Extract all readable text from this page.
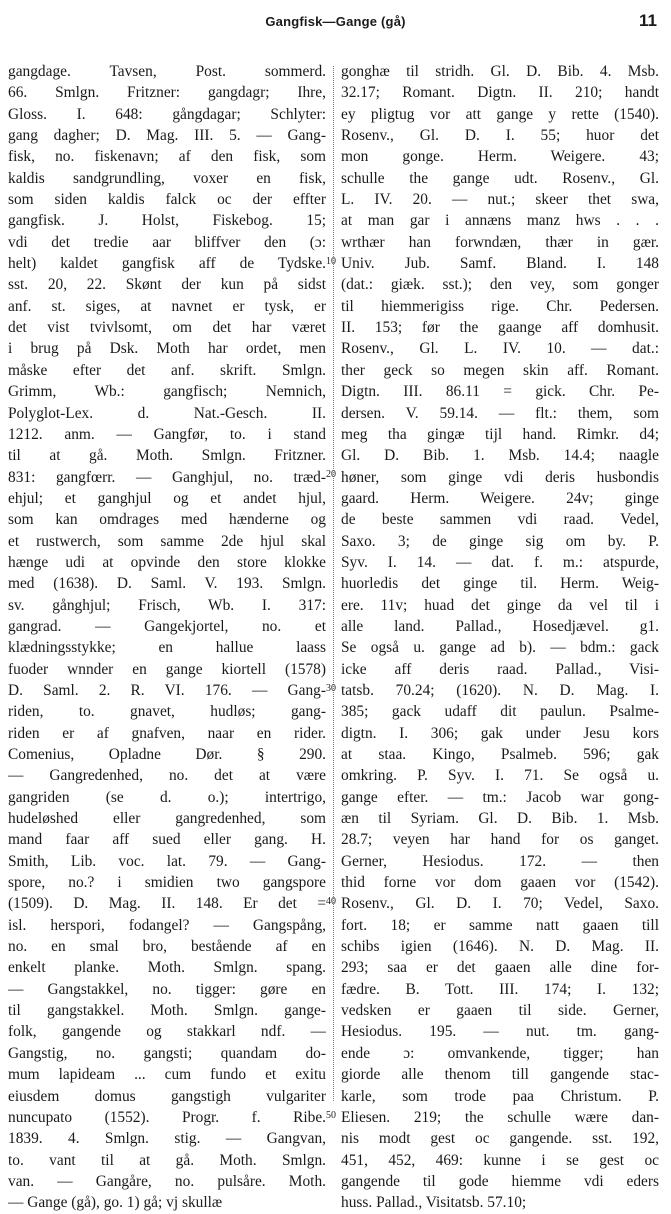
Gangfisk—Gange (gå)	11
gangdage. Tavsen, Post. sommerd.
66. Smlgn. Fritzner: gangdagr; Ihre,
Gloss. I. 648: gångdagar; Schlyter:
gang dagher; D. Mag. III. 5. — Gang-
fisk, no. fiskenavn; af den fisk, som
kaldis sandgrundling, voxer en fisk,
som siden kaldis falck oc der effter
gangfisk. J. Holst, Fiskebog. 15;
vdi det tredie aar bliffver den (ɔ:
helt) kaldet gangfisk aff de Tydske.
sst. 20, 22. Skønt der kun på sidst
anf. st. siges, at navnet er tysk, er
det vist tvivlsomt, om det har været
i brug på Dsk. Moth har ordet, men
måske efter det anf. skrift. Smlgn.
Grimm, Wb.: gangfisch; Nemnich,
Polyglot-Lex. d. Nat.-Gesch. II.
1212. anm. — Gangfør, to. i stand
til at gå. Moth. Smlgn. Fritzner.
831: gangfœrr. — Ganghjul, no. træd-
ehjul; et ganghjul og et andet hjul,
som kan omdrages med hænderne og
et rustwerch, som samme 2de hjul skal
hænge udi at opvinde den store klokke
med (1638). D. Saml. V. 193. Smlgn.
sv. gånghjul; Frisch, Wb. I. 317:
gangrad. — Gangekjortel, no. et
klædningsstykke; en hallue laass
fuoder wnnder en gange kiortell (1578)
D. Saml. 2. R. VI. 176. — Gang-
riden, to. gnavet, hudløs; gang-
riden er af gnafven, naar en rider.
Comenius, Opladne Dør. § 290.
— Gangredenhed, no. det at være
gangriden (se d. o.); intertrigo,
hudeløshed eller gangredenhed, som
mand faar aff sued eller gang. H.
Smith, Lib. voc. lat. 79. — Gang-
spore, no.? i smidien two gangspore
(1509). D. Mag. II. 148. Er det =
isl. herspori, fodangel? — Gangspång,
no. en smal bro, bestående af en
enkelt planke. Moth. Smlgn. spang.
— Gangstakkel, no. tigger: gøre en
til gangstakkel. Moth. Smlgn. gange-
folk, gangende og stakkarl ndf. —
Gangstig, no. gangsti; quandam do-
mum lapideam ... cum fundo et exitu
eiusdem domus gangstigh vulgariter
nuncupato (1552). Progr. f. Ribe.
1839. 4. Smlgn. stig. — Gangvan,
to. vant til at gå. Moth. Smlgn.
van. — Gangåre, no. pulsåre. Moth.
— Gange (gå), go. 1) gå; vj skullæ
gonghæ til stridh. Gl. D. Bib. 4. Msb.
32.17; Romant. Digtn. II. 210; handt
ey pligtug vor att gange y rette (1540).
Rosenv., Gl. D. I. 55; huor det
mon gonge. Herm. Weigere. 43;
schulle the gange udt. Rosenv., Gl.
L. IV. 20. — nut.; skeer thet swa,
at man gar i annæns manz hws . . .
wrthær han forwndæn, thær in gær.
Univ. Jub. Samf. Bland. I. 148
(dat.: giæk. sst.); den vey, som gonger
til hiemmerigiss rige. Chr. Pedersen.
II. 153; før the gaange aff domhusit.
Rosenv., Gl. L. IV. 10. — dat.:
ther geck so megen skin aff. Romant.
Digtn. III. 86.11 = gick. Chr. Pe-
dersen. V. 59.14. — flt.: them, som
meg tha gingæ tijl hand. Rimkr. d4;
Gl. D. Bib. 1. Msb. 14.4; naagle
høner, som ginge vdi deris husbondis
gaard. Herm. Weigere. 24v; ginge
de beste sammen vdi raad. Vedel,
Saxo. 3; de ginge sig om by. P.
Syv. I. 14. — dat. f. m.: atspurde,
huorledis det ginge til. Herm. Weig-
ere. 11v; huad det ginge da vel til i
alle land. Pallad., Hosedjævel. g1.
Se også u. gange ad b). — bdm.: gack
icke aff deris raad. Pallad., Visi-
tatsb. 70.24; (1620). N. D. Mag. I.
385; gack udaff dit paulun. Psalme-
digtn. I. 306; gak under Jesu kors
at staa. Kingo, Psalmeb. 596; gak
omkring. P. Syv. I. 71. Se også u.
gange efter. — tm.: Jacob war gong-
æn til Syriam. Gl. D. Bib. 1. Msb.
28.7; veyen har hand for os ganget.
Gerner, Hesiodus. 172. — then
thid forne vor dom gaaen vor (1542).
Rosenv., Gl. D. I. 70; Vedel, Saxo.
fort. 18; er samme natt gaaen till
schibs igien (1646). N. D. Mag. II.
293; saa er det gaaen alle dine for-
fædre. B. Tott. III. 174; I. 132;
vedsken er gaaen til side. Gerner,
Hesiodus. 195. — nut. tm. gang-
ende ɔ: omvankende, tigger; han
giorde alle thenom till gangende stac-
karle, som trode paa Christum. P.
Eliesen. 219; the schulle wære dan-
nis modt gest oc gangende. sst. 192,
451, 452, 469: kunne i se gest oc
gangende til gode hiemme vdi eders
huss. Pallad., Visitatsb. 57.10;
10
20
30
40
50
